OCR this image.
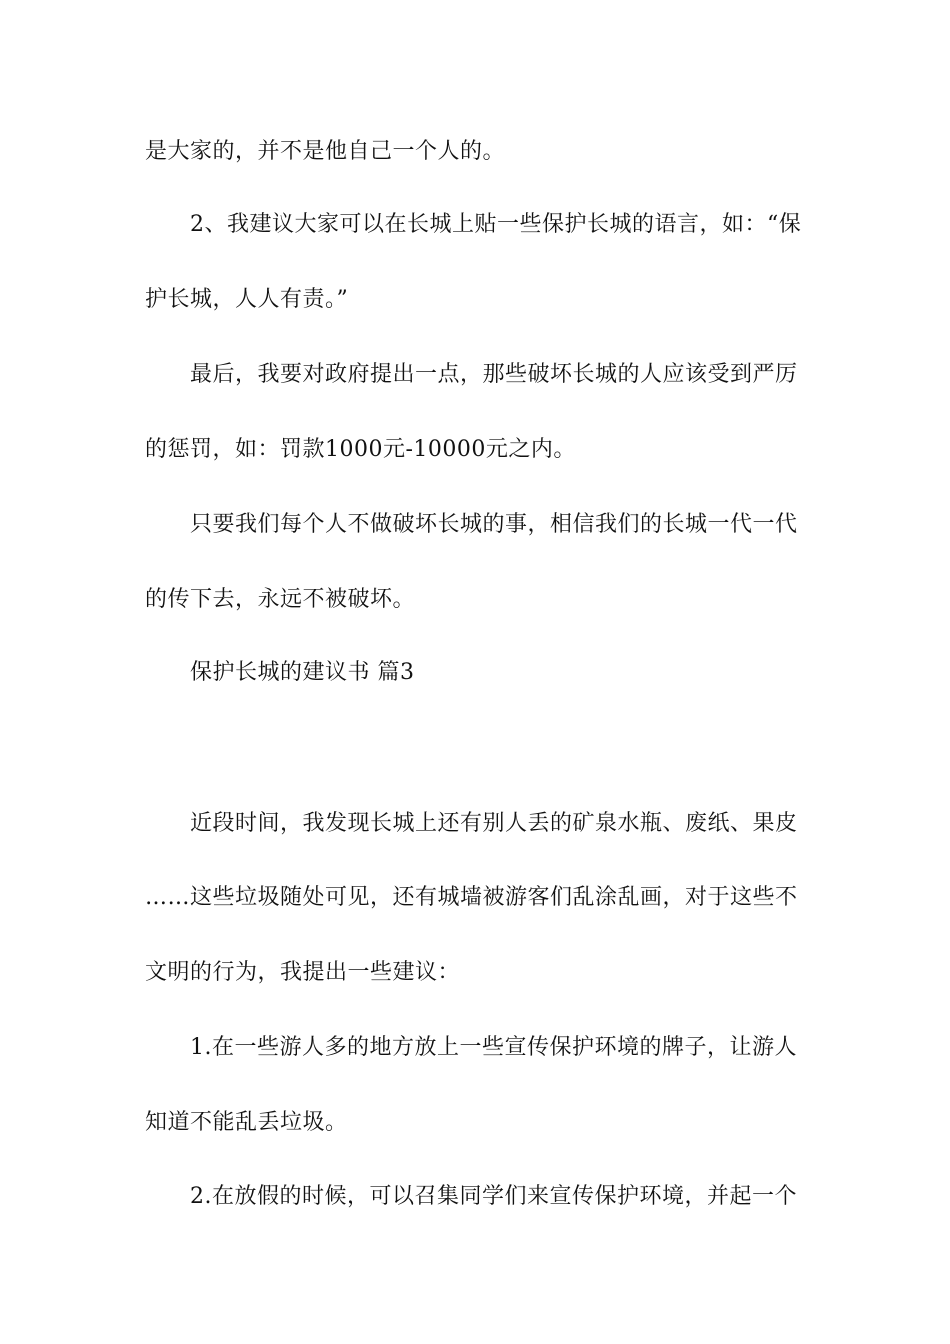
是大家的，并不是他自己一个人的。
2、我建议大家可以在长城上贴一些保护长城的语言，如：“保
护长城，人人有责。”
最后，我要对政府提出一点，那些破坏长城的人应该受到严厉
的惩罚，如：罚款1000元-10000元之内。
只要我们每个人不做破坏长城的事，相信我们的长城一代一代
的传下去，永远不被破坏。
保护长城的建议书 篇3
近段时间，我发现长城上还有别人丢的矿泉水瓶、废纸、果皮
……这些垃圾随处可见，还有城墙被游客们乱涂乱画，对于这些不
文明的行为，我提出一些建议：
1.在一些游人多的地方放上一些宣传保护环境的牌子，让游人
知道不能乱丢垃圾。
2.在放假的时候，可以召集同学们来宣传保护环境，并起一个
